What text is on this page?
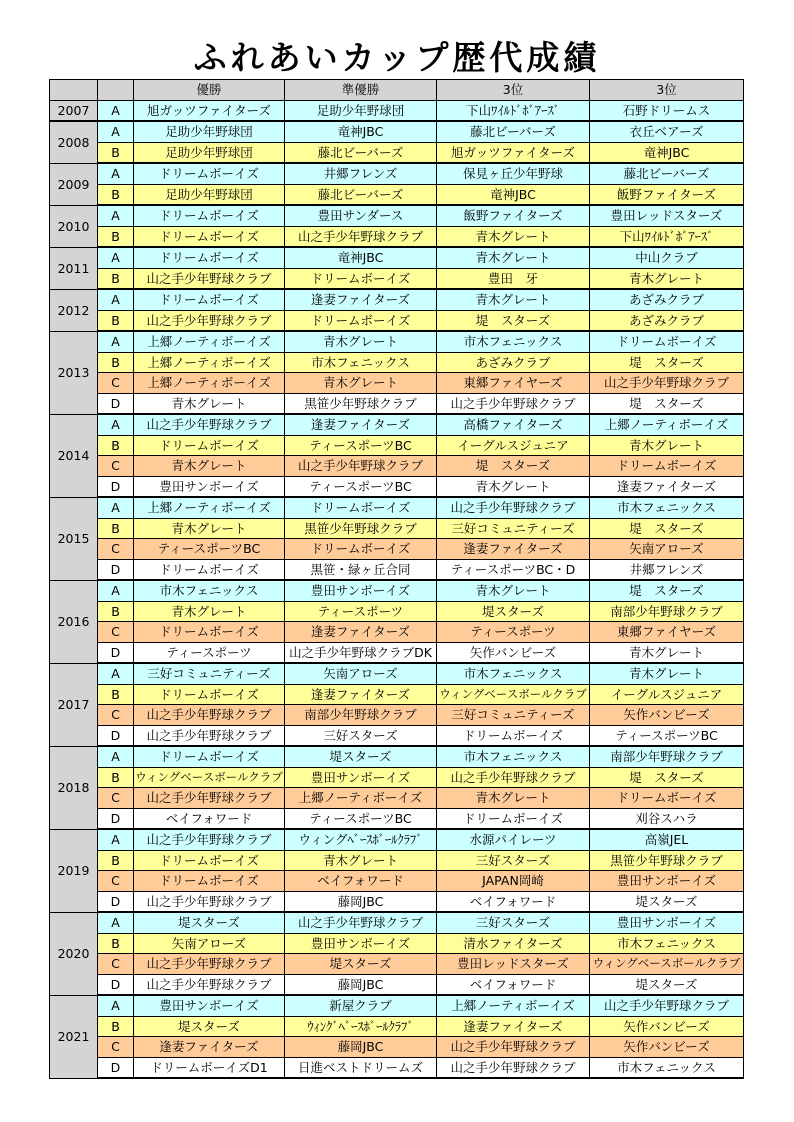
ふれあいカップ歴代成績
		優勝	準優勝	3位	3位
2007	A	旭ガッツファイターズ	足助少年野球団	下山ﾜｲﾙﾄﾞﾎﾞｱｰｽﾞ	石野ドリームス
2008	A	足助少年野球団	竜神JBC	藤北ビーバーズ	衣丘ベアーズ
	B	足助少年野球団	藤北ビーバーズ	旭ガッツファイターズ	竜神JBC
2009	A	ドリームボーイズ	井郷フレンズ	保見ヶ丘少年野球	藤北ビーバーズ
	B	足助少年野球団	藤北ビーバーズ	竜神JBC	飯野ファイターズ
2010	A	ドリームボーイズ	豊田サンダース	飯野ファイターズ	豊田レッドスターズ
	B	ドリームボーイズ	山之手少年野球クラブ	青木グレート	下山ﾜｲﾙﾄﾞﾎﾞｱｰｽﾞ
2011	A	ドリームボーイズ	竜神JBC	青木グレート	中山クラブ
	B	山之手少年野球クラブ	ドリームボーイズ	豊田　牙	青木グレート
2012	A	ドリームボーイズ	逢妻ファイターズ	青木グレート	あざみクラブ
	B	山之手少年野球クラブ	ドリームボーイズ	堤　スターズ	あざみクラブ
2013	A	上郷ノーティボーイズ	青木グレート	市木フェニックス	ドリームボーイズ
	B	上郷ノーティボーイズ	市木フェニックス	あざみクラブ	堤　スターズ
	C	上郷ノーティボーイズ	青木グレート	東郷ファイヤーズ	山之手少年野球クラブ
	D	青木グレート	黒笹少年野球クラブ	山之手少年野球クラブ	堤　スターズ
2014	A	山之手少年野球クラブ	逢妻ファイターズ	高橋ファイターズ	上郷ノーティボーイズ
	B	ドリームボーイズ	ティースポーツBC	イーグルスジュニア	青木グレート
	C	青木グレート	山之手少年野球クラブ	堤　スターズ	ドリームボーイズ
	D	豊田サンボーイズ	ティースポーツBC	青木グレート	逢妻ファイターズ
2015	A	上郷ノーティボーイズ	ドリームボーイズ	山之手少年野球クラブ	市木フェニックス
	B	青木グレート	黒笹少年野球クラブ	三好コミュニティーズ	堤　スターズ
	C	ティースポーツBC	ドリームボーイズ	逢妻ファイターズ	矢南アローズ
	D	ドリームボーイズ	黒笹・緑ヶ丘合同	ティースポーツBC・D	井郷フレンズ
2016	A	市木フェニックス	豊田サンボーイズ	青木グレート	堤　スターズ
	B	青木グレート	ティースポーツ	堤スターズ	南部少年野球クラブ
	C	ドリームボーイズ	逢妻ファイターズ	ティースポーツ	東郷ファイヤーズ
	D	ティースポーツ	山之手少年野球クラブDK	矢作バンビーズ	青木グレート
2017	A	三好コミュニティーズ	矢南アローズ	市木フェニックス	青木グレート
	B	ドリームボーイズ	逢妻ファイターズ	ウィングベースボールクラブ	イーグルスジュニア
	C	山之手少年野球クラブ	南部少年野球クラブ	三好コミュニティーズ	矢作バンビーズ
	D	山之手少年野球クラブ	三好スターズ	ドリームボーイズ	ティースポーツBC
2018	A	ドリームボーイズ	堤スターズ	市木フェニックス	南部少年野球クラブ
	B	ウィングベースボールクラブ	豊田サンボーイズ	山之手少年野球クラブ	堤　スターズ
	C	山之手少年野球クラブ	上郷ノーティボーイズ	青木グレート	ドリームボーイズ
	D	ベイフォワード	ティースポーツBC	ドリームボーイズ	刈谷スハラ
2019	A	山之手少年野球クラブ	ウィングﾍﾞｰｽﾎﾞｰﾙｸﾗﾌﾞ	水源パイレーツ	高嶺JEL
	B	ドリームボーイズ	青木グレート	三好スターズ	黒笹少年野球クラブ
	C	ドリームボーイズ	ベイフォワード	JAPAN岡崎	豊田サンボーイズ
	D	山之手少年野球クラブ	藤岡JBC	ベイフォワード	堤スターズ
2020	A	堤スターズ	山之手少年野球クラブ	三好スターズ	豊田サンボーイズ
	B	矢南アローズ	豊田サンボーイズ	清水ファイターズ	市木フェニックス
	C	山之手少年野球クラブ	堤スターズ	豊田レッドスターズ	ウィングベースボールクラブ
	D	山之手少年野球クラブ	藤岡JBC	ベイフォワード	堤スターズ
2021	A	豊田サンボーイズ	新屋クラブ	上郷ノーティボーイズ	山之手少年野球クラブ
	B	堤スターズ	ｳｨﾝｸﾞﾍﾞｰｽﾎﾞｰﾙｸﾗﾌﾞ	逢妻ファイターズ	矢作バンビーズ
	C	逢妻ファイターズ	藤岡JBC	山之手少年野球クラブ	矢作バンビーズ
	D	ドリームボーイズD1	日進ベストドリームズ	山之手少年野球クラブ	市木フェニックス
